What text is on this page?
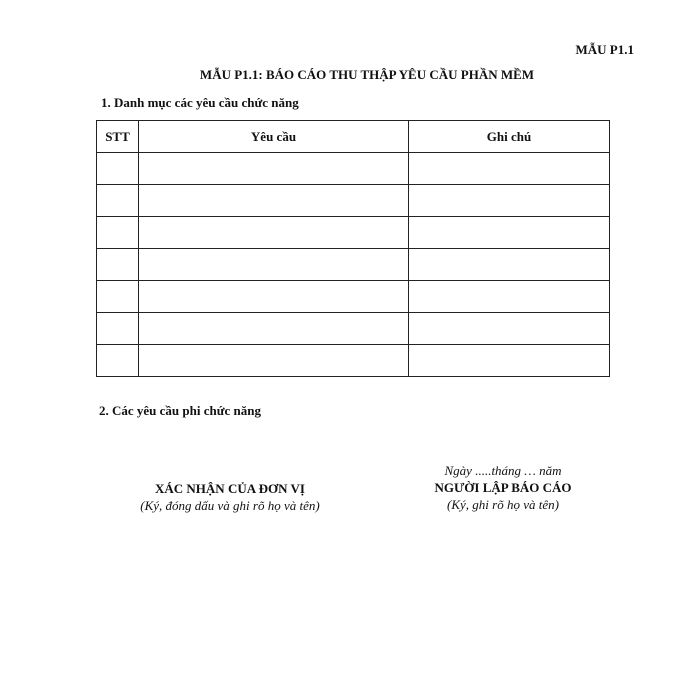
MẪU P1.1
MẪU P1.1: BÁO CÁO THU THẬP YÊU CẦU PHẦN MỀM
1. Danh mục các yêu cầu chức năng
STT	Yêu cầu	Ghi chú

2. Các yêu cầu phi chức năng
XÁC NHẬN CỦA ĐƠN VỊ
(Ký, đóng dấu và ghi rõ họ và tên)
Ngày .....tháng … năm
NGƯỜI LẬP BÁO CÁO
(Ký, ghi rõ họ và tên)
